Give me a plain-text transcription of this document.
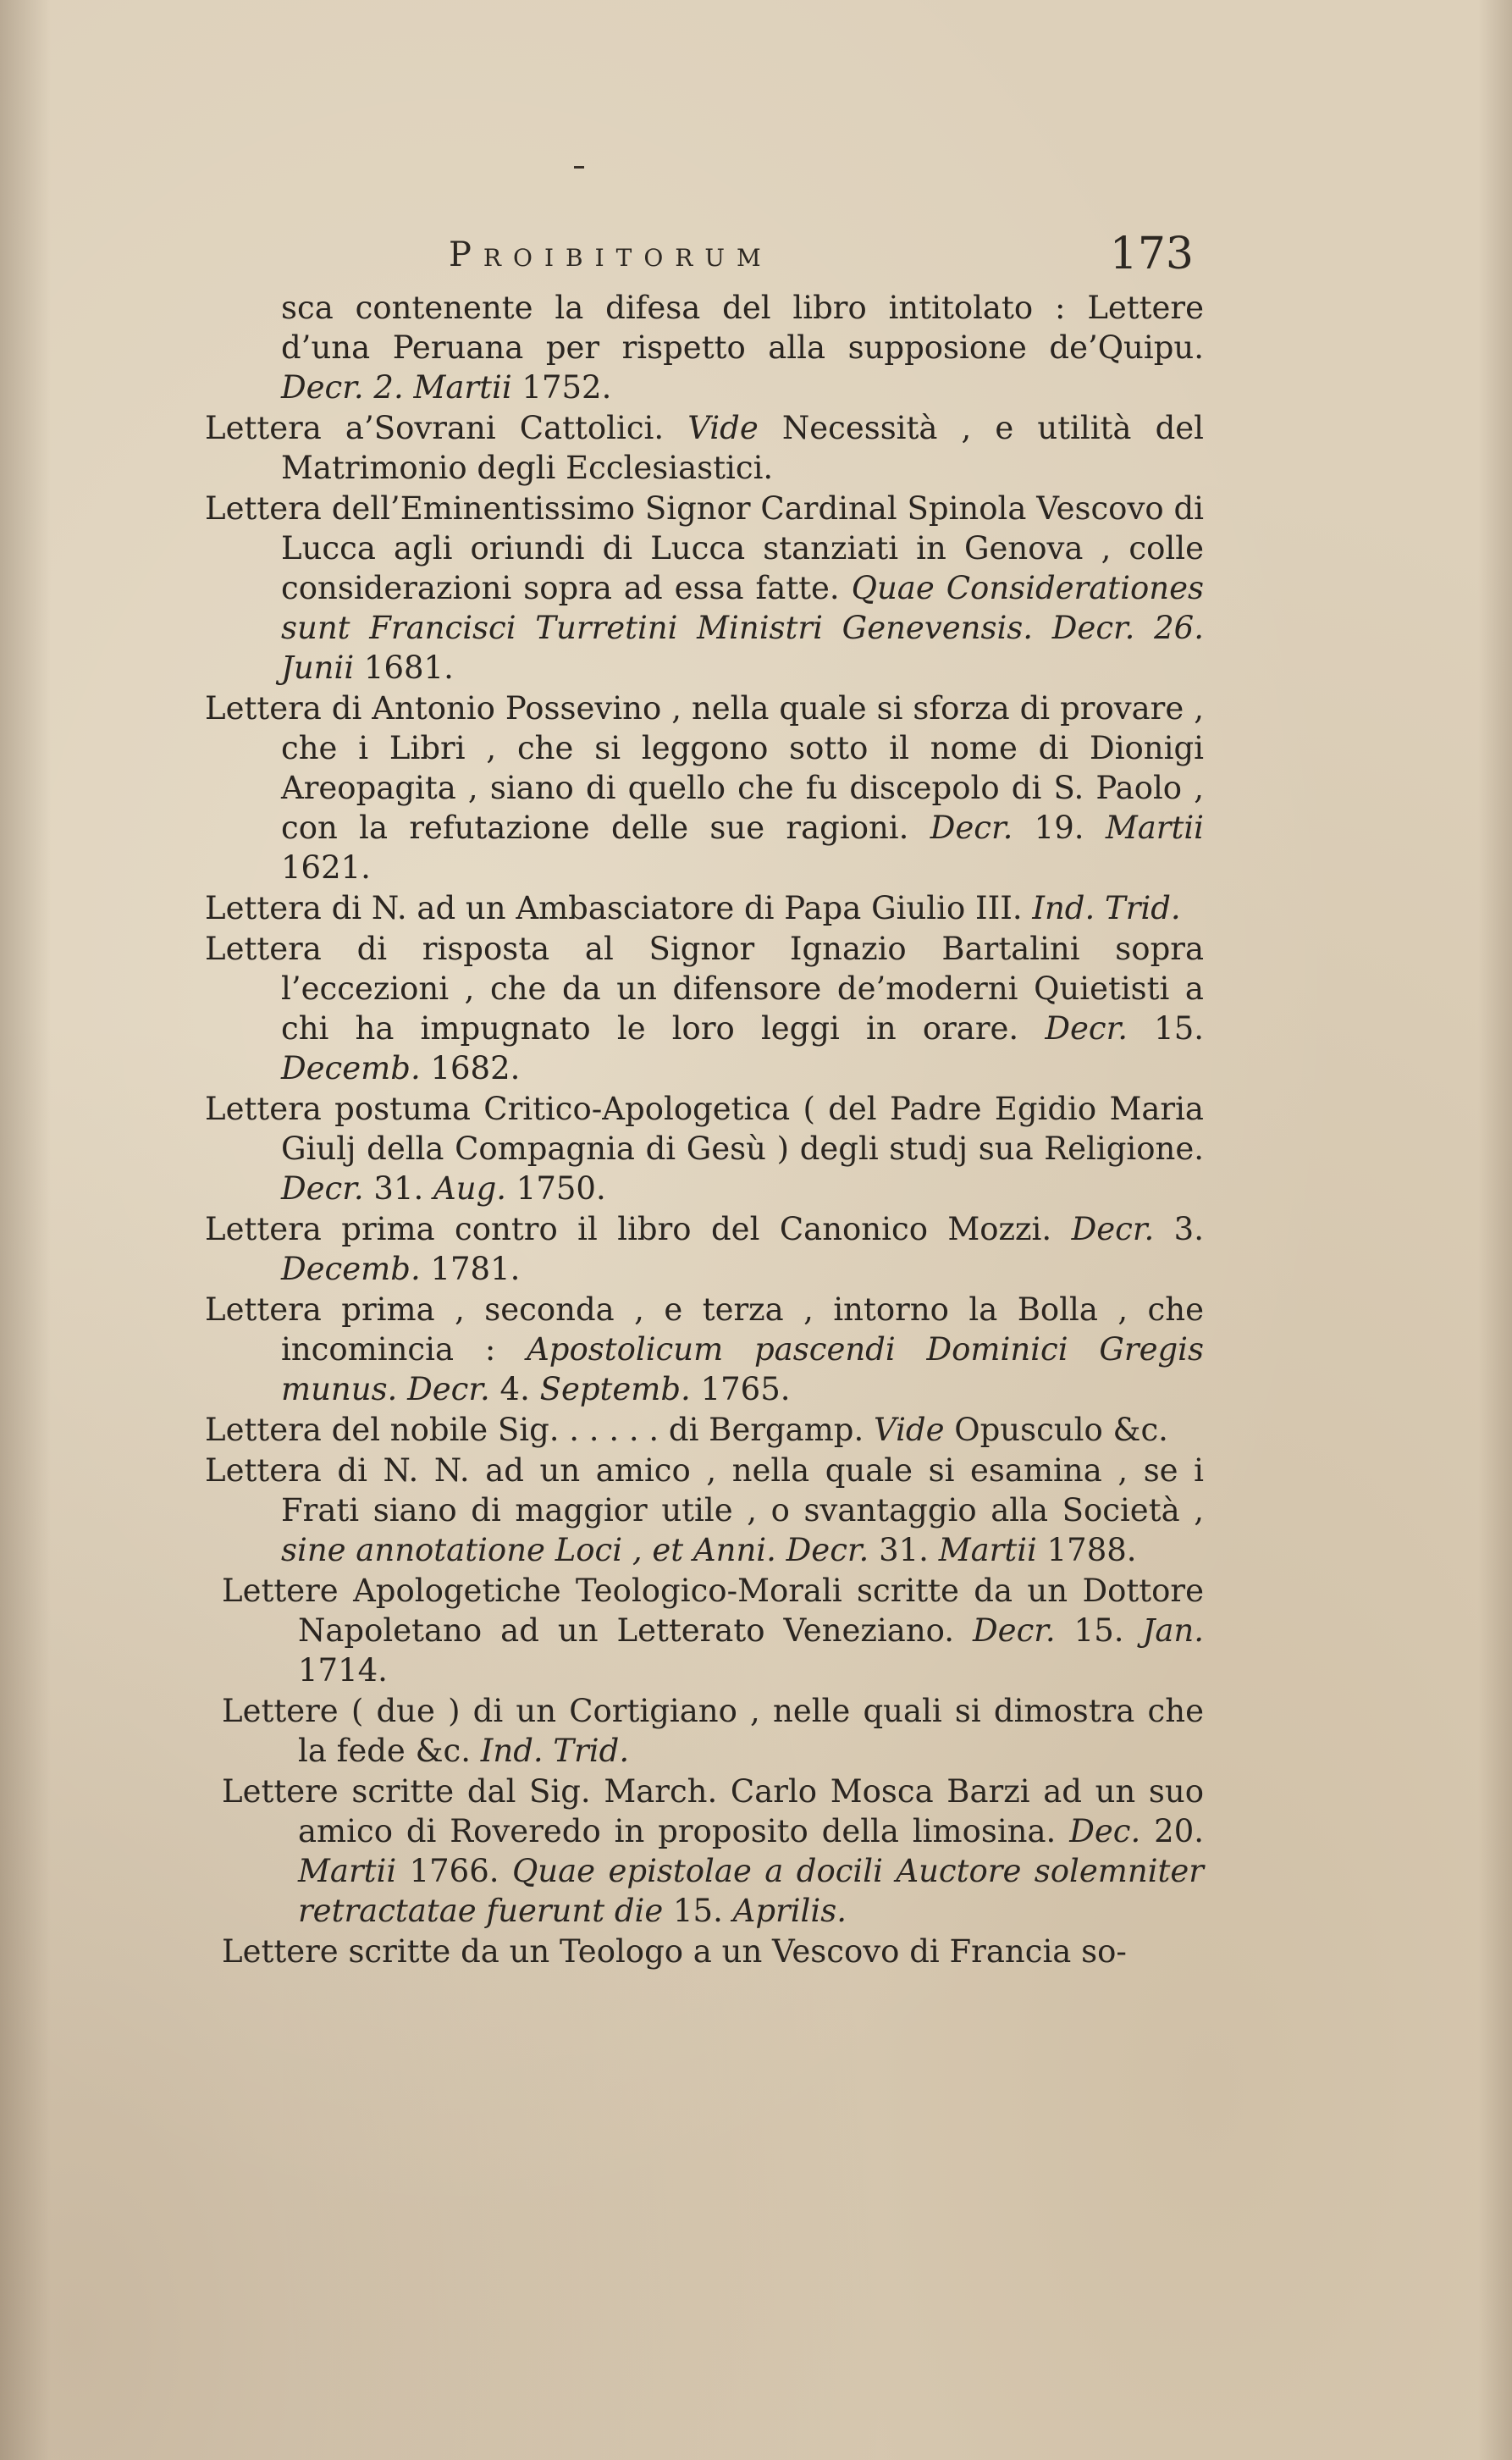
Proibitorum	173
sca contenente la difesa del libro intitolato : Lettere d’una Peruana per rispetto alla supposione de’Quipu. Decr. 2. Martii 1752.
Lettera a’Sovrani Cattolici. Vide Necessità , e utilità del Matrimonio degli Ecclesiastici.
Lettera dell’Eminentissimo Signor Cardinal Spinola Vescovo di Lucca agli oriundi di Lucca stanziati in Genova , colle considerazioni sopra ad essa fatte. Quae Considerationes sunt Francisci Turretini Ministri Genevensis. Decr. 26. Junii 1681.
Lettera di Antonio Possevino , nella quale si sforza di provare , che i Libri , che si leggono sotto il nome di Dionigi Areopagita , siano di quello che fu discepolo di S. Paolo , con la refutazione delle sue ragioni. Decr. 19. Martii 1621.
Lettera di N. ad un Ambasciatore di Papa Giulio III. Ind. Trid.
Lettera di risposta al Signor Ignazio Bartalini sopra l’eccezioni , che da un difensore de’moderni Quietisti a chi ha impugnato le loro leggi in orare. Decr. 15. Decemb. 1682.
Lettera postuma Critico-Apologetica ( del Padre Egidio Maria Giulj della Compagnia di Gesù ) degli studj sua Religione. Decr. 31. Aug. 1750.
Lettera prima contro il libro del Canonico Mozzi. Decr. 3. Decemb. 1781.
Lettera prima , seconda , e terza , intorno la Bolla , che incomincia : Apostolicum pascendi Dominici Gregis munus. Decr. 4. Septemb. 1765.
Lettera del nobile Sig. . . . . . di Bergamp. Vide Opusculo &c.
Lettera di N. N. ad un amico , nella quale si esamina , se i Frati siano di maggior utile , o svantaggio alla Società , sine annotatione Loci , et Anni. Decr. 31. Martii 1788.
Lettere Apologetiche Teologico-Morali scritte da un Dottore Napoletano ad un Letterato Veneziano. Decr. 15. Jan. 1714.
Lettere ( due ) di un Cortigiano , nelle quali si dimostra che la fede &c. Ind. Trid.
Lettere scritte dal Sig. March. Carlo Mosca Barzi ad un suo amico di Roveredo in proposito della limosina. Dec. 20. Martii 1766. Quae epistolae a docili Auctore solemniter retractatae fuerunt die 15. Aprilis.
Lettere scritte da un Teologo a un Vescovo di Francia so-
